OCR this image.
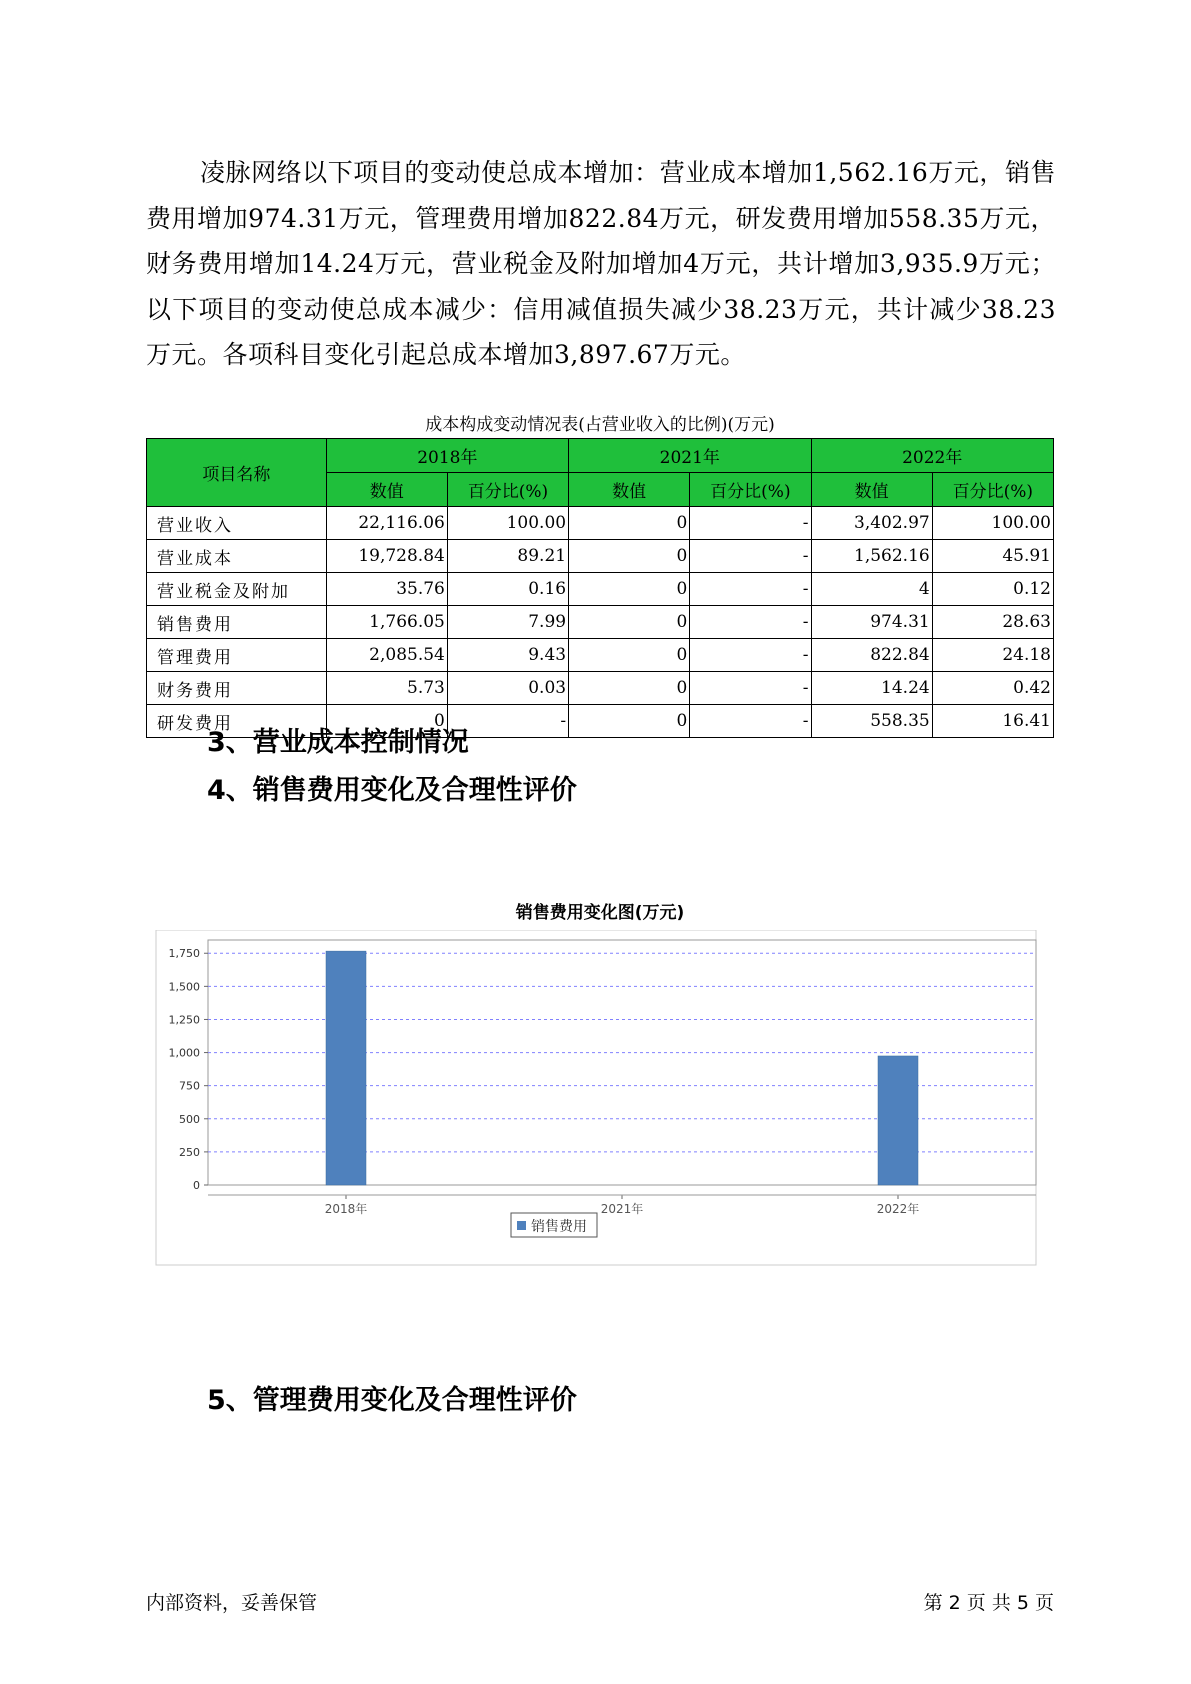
凌脉网络以下项目的变动使总成本增加：营业成本增加1,562.16万元，销售费用增加974.31万元，管理费用增加822.84万元，研发费用增加558.35万元，财务费用增加14.24万元，营业税金及附加增加4万元，共计增加3,935.9万元；以下项目的变动使总成本减少：信用减值损失减少38.23万元，共计减少38.23万元。各项科目变化引起总成本增加3,897.67万元。

成本构成变动情况表(占营业收入的比例)(万元)
项目名称	2018年		2021年		2022年	
	数值	百分比(%)	数值	百分比(%)	数值	百分比(%)
营业收入	22,116.06	100.00	0	-	3,402.97	100.00
营业成本	19,728.84	89.21	0	-	1,562.16	45.91
营业税金及附加	35.76	0.16	0	-	4	0.12
销售费用	1,766.05	7.99	0	-	974.31	28.63
管理费用	2,085.54	9.43	0	-	822.84	24.18
财务费用	5.73	0.03	0	-	14.24	0.42
研发费用	0	-	0	-	558.35	16.41
3、营业成本控制情况
4、销售费用变化及合理性评价
销售费用变化图(万元)
0
250
500
750
1,000
1,250
1,500
1,750
2018年	2021年	2022年
销售费用
5、管理费用变化及合理性评价
内部资料，妥善保管	第 2 页 共 5 页
